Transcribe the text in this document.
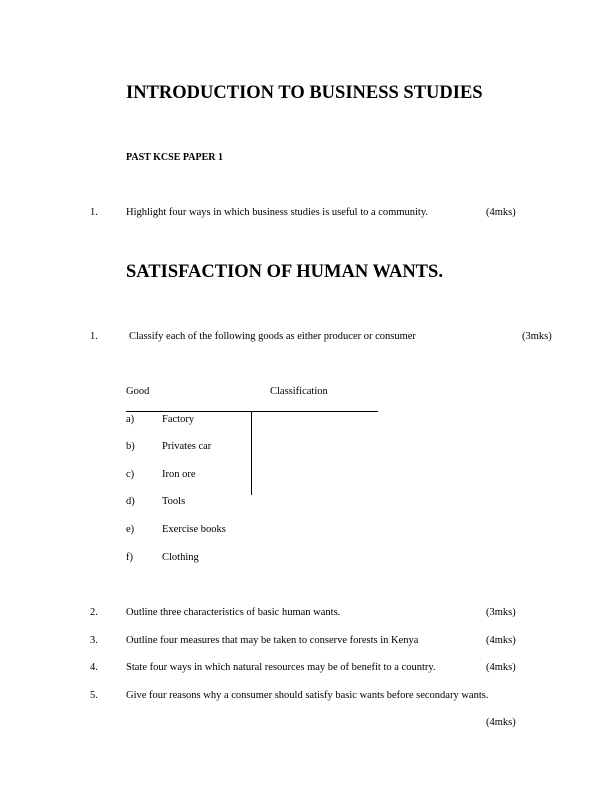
INTRODUCTION TO BUSINESS STUDIES
PAST KCSE PAPER 1
1.	Highlight four ways in which business studies is useful to a community.	(4mks)
SATISFACTION OF HUMAN WANTS.
1.	Classify each of the following goods as either producer or consumer	(3mks)
Good	Classification
a)	Factory
b)	Privates car
c)	Iron ore
d)	Tools
e)	Exercise books
f)	Clothing
2.	Outline three characteristics of basic human wants.	(3mks)
3.	Outline four measures that may be taken to conserve forests in Kenya	(4mks)
4.	State four ways in which natural resources may be of benefit to a country.	(4mks)
5.	Give four reasons why a consumer should satisfy basic wants before secondary wants.
(4mks)
